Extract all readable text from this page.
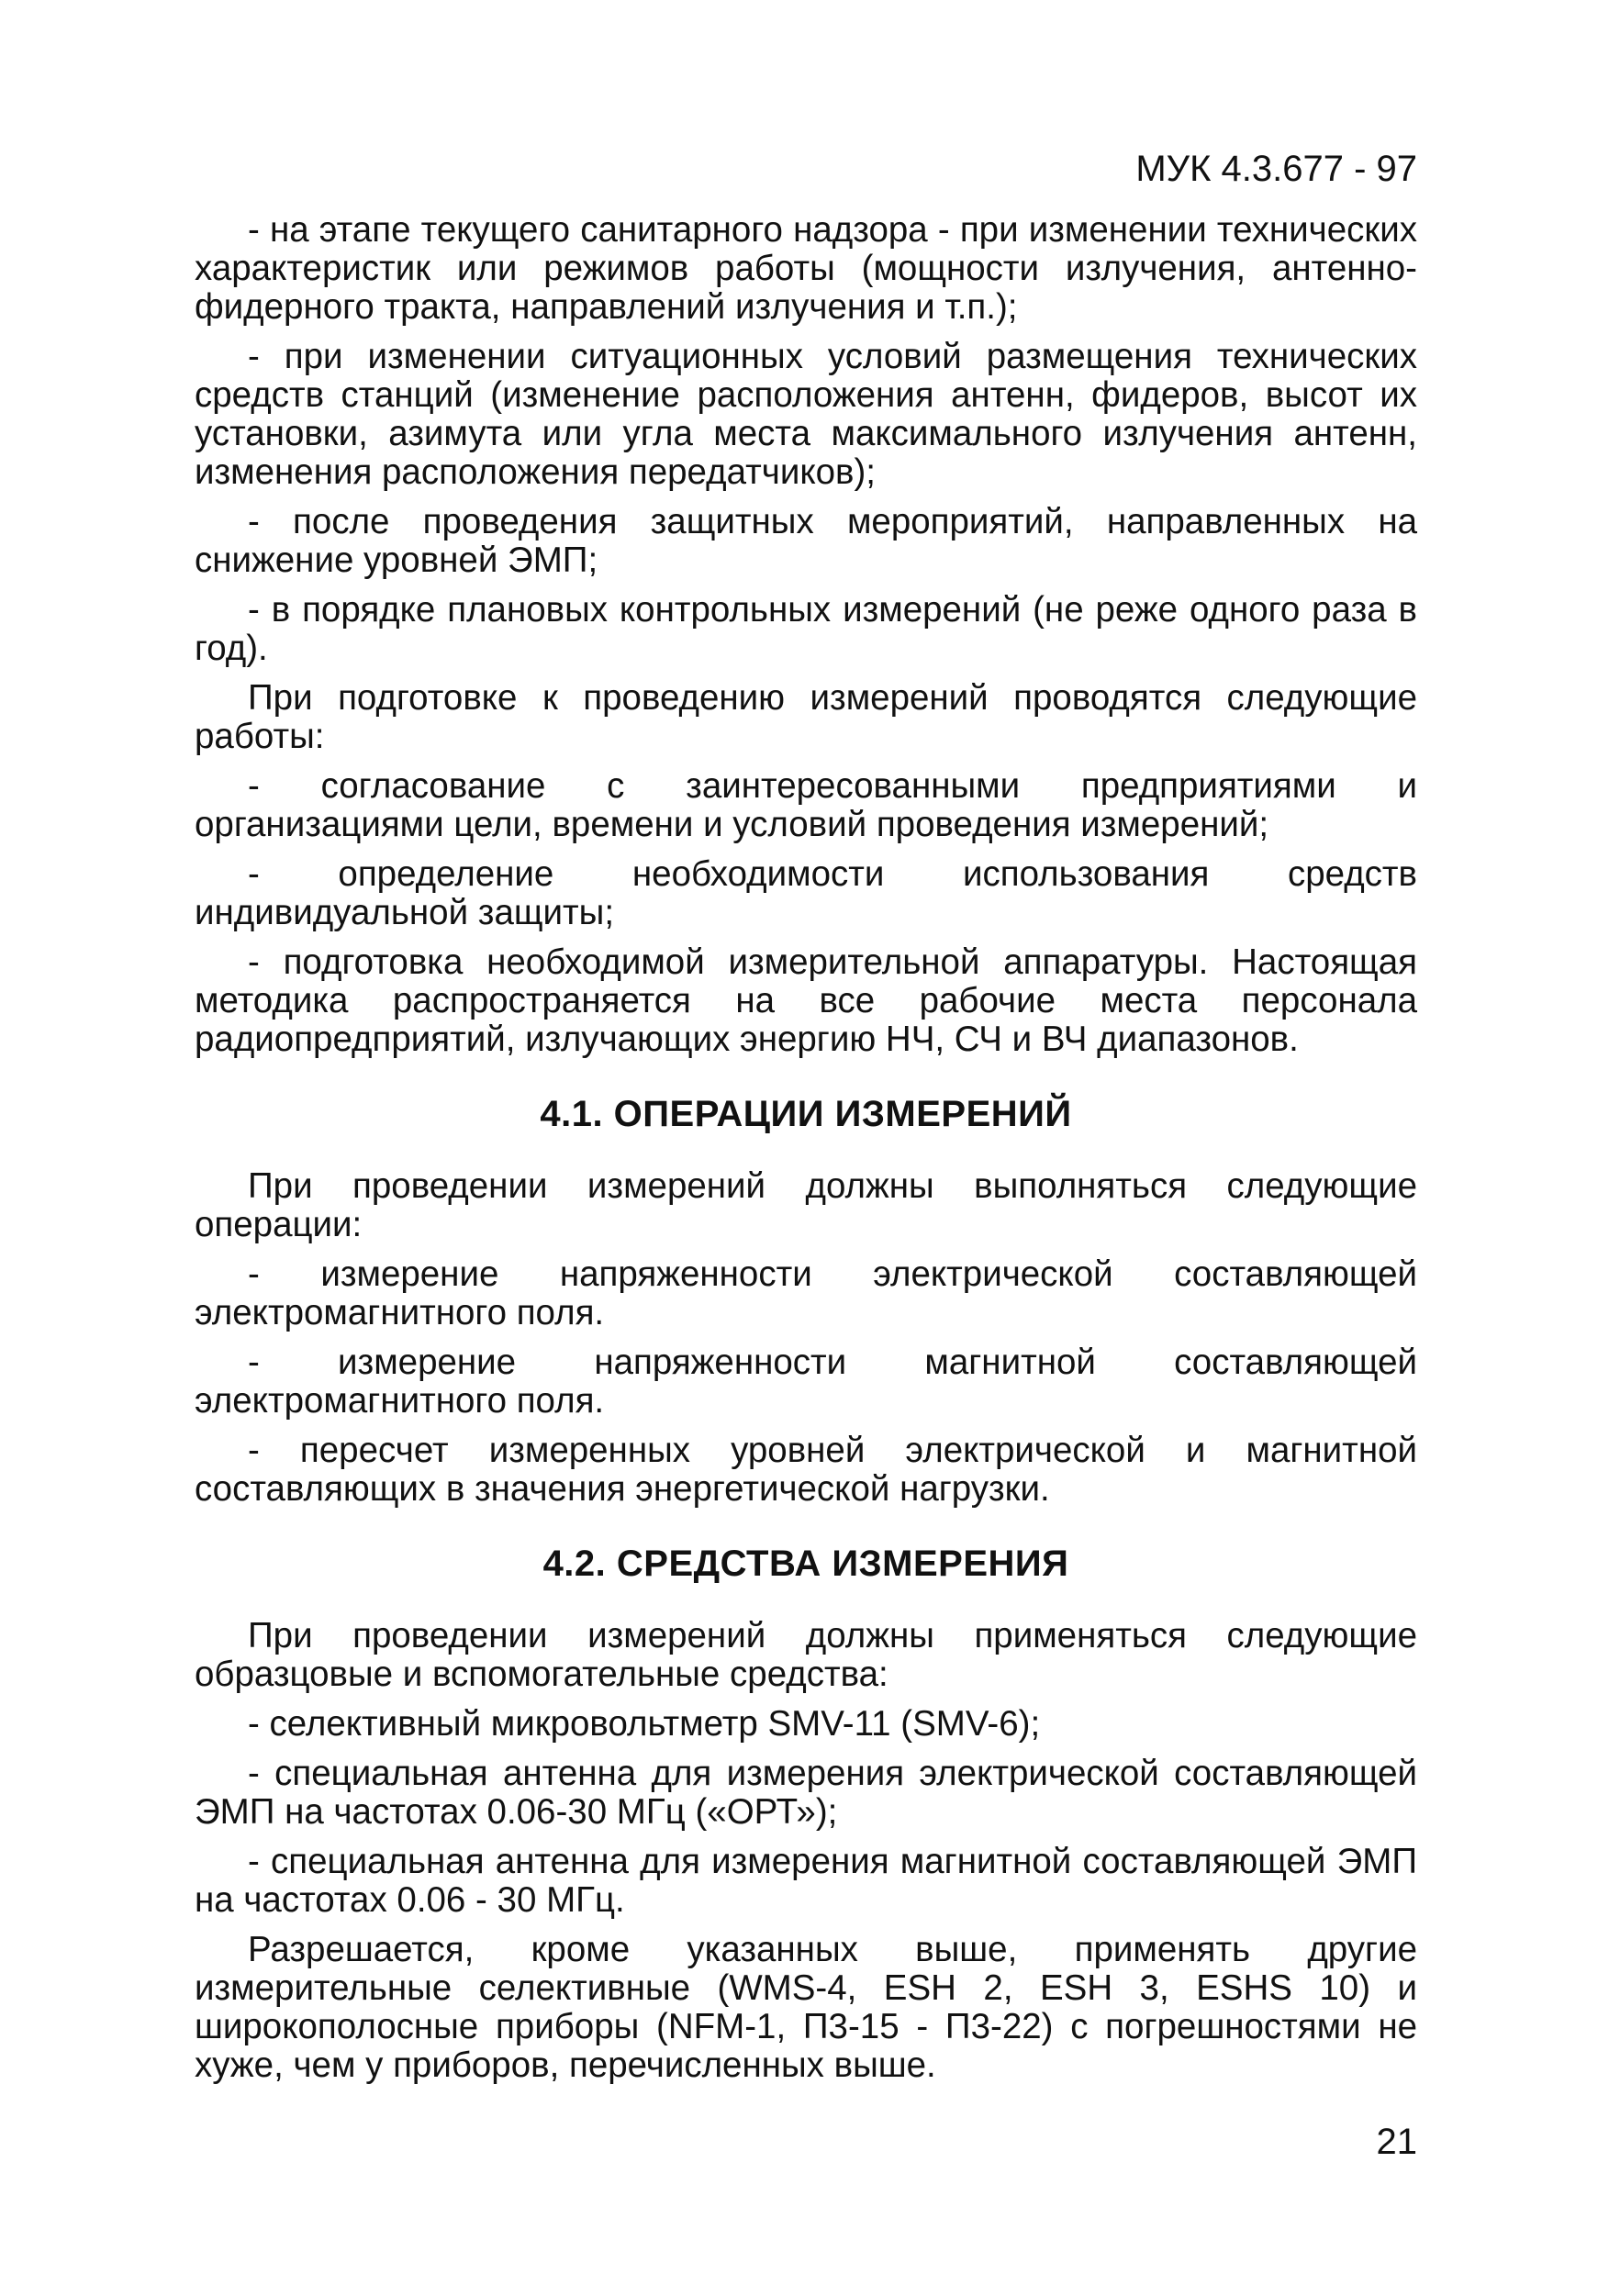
МУК 4.3.677 - 97

- на этапе текущего санитарного надзора - при изменении технических характеристик или режимов работы (мощности излучения, антенно-фидерного тракта, направлений излучения и т.п.);

- при изменении ситуационных условий размещения технических средств станций (изменение расположения антенн, фидеров, высот их установки, азимута или угла места максимального излучения антенн, изменения расположения передатчиков);

- после проведения защитных мероприятий, направленных на снижение уровней ЭМП;

- в порядке плановых контрольных измерений (не реже одного раза в год).

При подготовке к проведению измерений проводятся следующие работы:

- согласование с заинтересованными предприятиями и организациями цели, времени и условий проведения измерений;

- определение необходимости использования средств индивидуальной защиты;

- подготовка необходимой измерительной аппаратуры. Настоящая методика распространяется на все рабочие места персонала радиопредприятий, излучающих энергию НЧ, СЧ и ВЧ диапазонов.

4.1. ОПЕРАЦИИ ИЗМЕРЕНИЙ

При проведении измерений должны выполняться следующие операции:

- измерение напряженности электрической составляющей электромагнитного поля.

- измерение напряженности магнитной составляющей электромагнитного поля.

- пересчет измеренных уровней электрической и магнитной составляющих в значения энергетической нагрузки.

4.2. СРЕДСТВА ИЗМЕРЕНИЯ

При проведении измерений должны применяться следующие образцовые и вспомогательные средства:

- селективный микровольтметр SMV-11 (SMV-6);

- специальная антенна для измерения электрической составляющей ЭМП на частотах 0.06-30 МГц («ОРТ»);

- специальная антенна для измерения магнитной составляющей ЭМП на частотах 0.06 - 30 МГц.

Разрешается, кроме указанных выше, применять другие измерительные селективные (WMS-4, ESH 2, ESH 3, ESHS 10) и широкополосные приборы (NFM-1, П3-15 - П3-22) с погрешностями не хуже, чем у приборов, перечисленных выше.

21
